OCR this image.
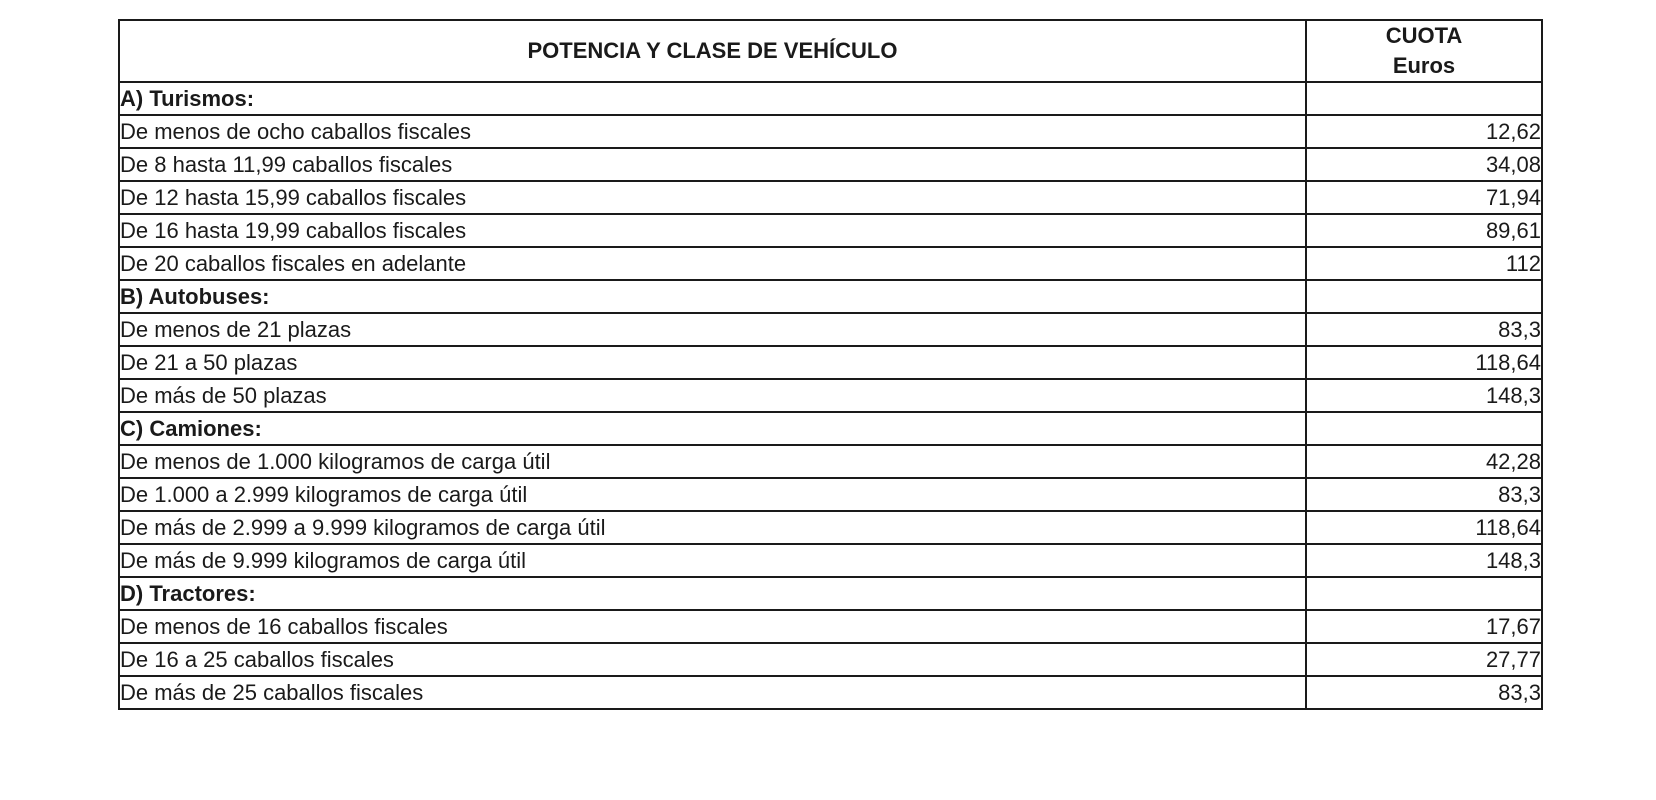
POTENCIA Y CLASE DE VEHÍCULO	CUOTA
Euros

A) Turismos:	
De menos de ocho caballos fiscales	12,62
De 8 hasta 11,99 caballos fiscales	34,08
De 12 hasta 15,99 caballos fiscales	71,94
De 16 hasta 19,99 caballos fiscales	89,61
De 20 caballos fiscales en adelante	112
B) Autobuses:	
De menos de 21 plazas	83,3
De 21 a 50 plazas	118,64
De más de 50 plazas	148,3
C) Camiones:	
De menos de 1.000 kilogramos de carga útil	42,28
De 1.000 a 2.999 kilogramos de carga útil	83,3
De más de 2.999 a 9.999 kilogramos de carga útil	118,64
De más de 9.999 kilogramos de carga útil	148,3
D) Tractores:	
De menos de 16 caballos fiscales	17,67
De 16 a 25 caballos fiscales	27,77
De más de 25 caballos fiscales	83,3
